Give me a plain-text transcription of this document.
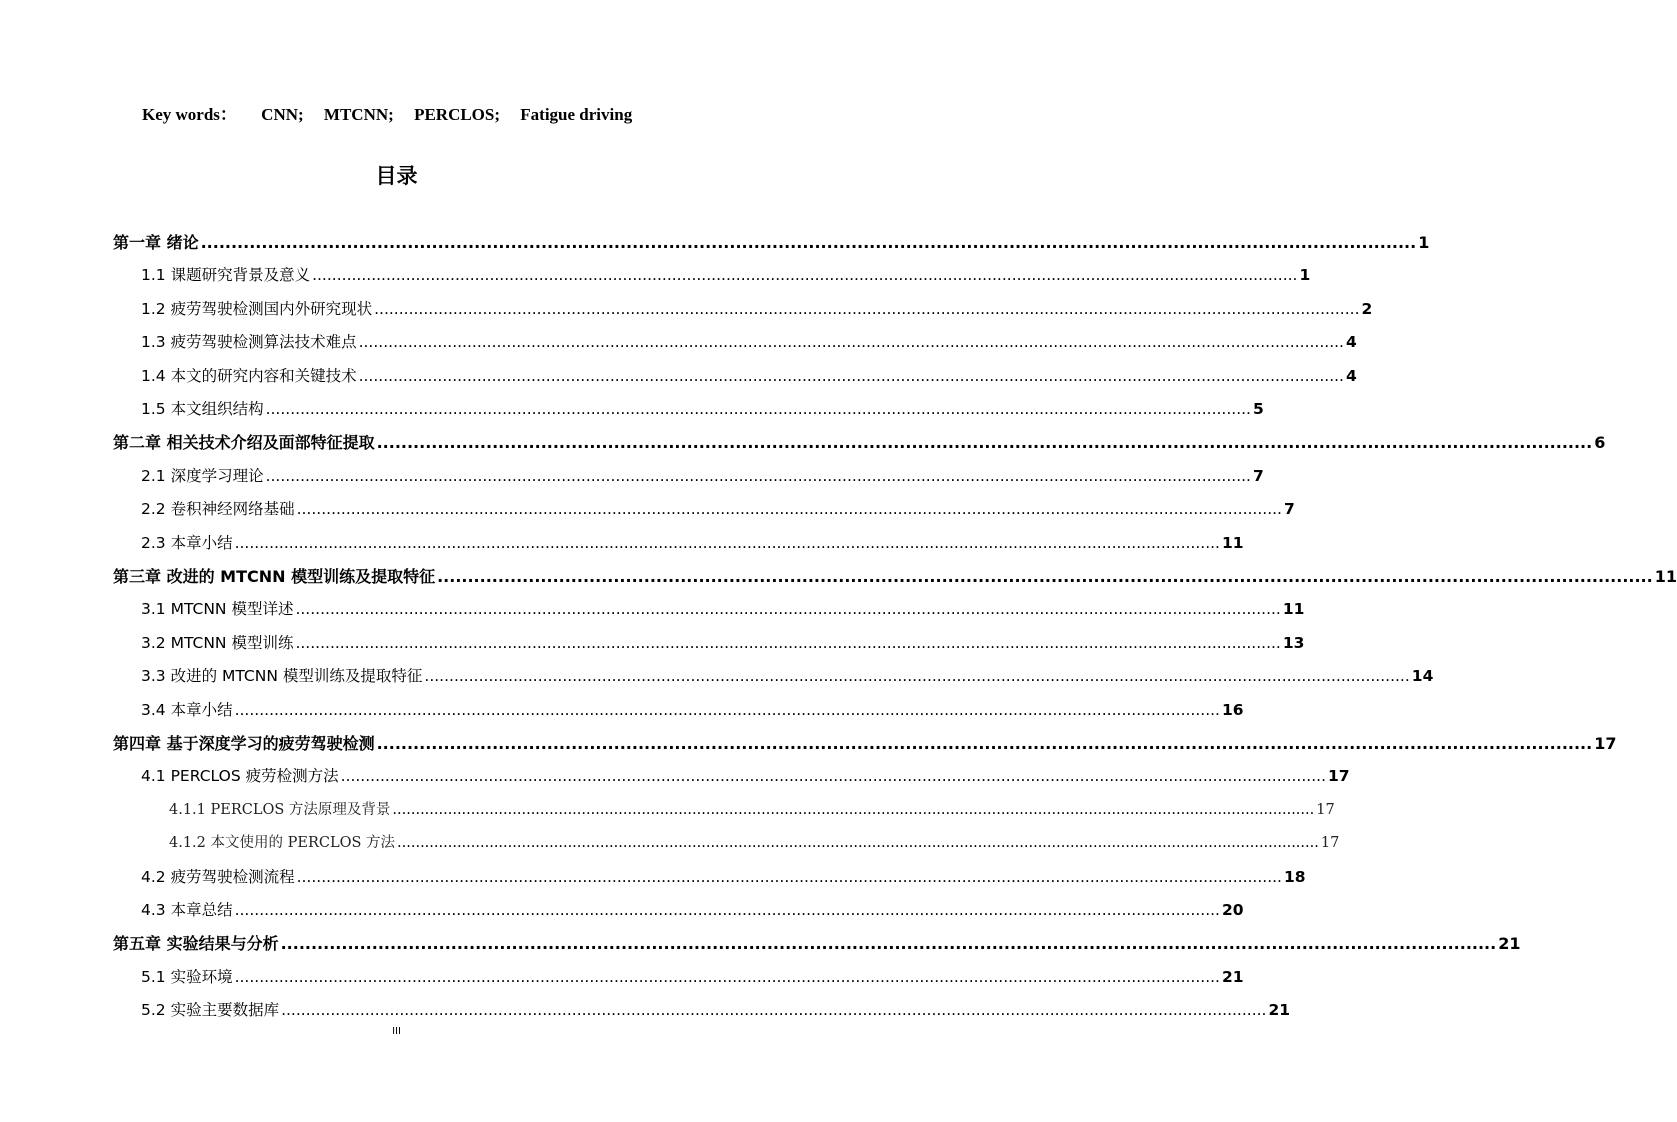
Key words： CNN; MTCNN; PERCLOS; Fatigue driving
目录
第一章 绪论 ........................................................................................................................................................................................................ 1
1.1 课题研究背景及意义 ........................................................................................................................................................................................................ 1
1.2 疲劳驾驶检测国内外研究现状 ........................................................................................................................................................................................................ 2
1.3 疲劳驾驶检测算法技术难点 ........................................................................................................................................................................................................ 4
1.4 本文的研究内容和关键技术 ........................................................................................................................................................................................................ 4
1.5 本文组织结构 ........................................................................................................................................................................................................ 5
第二章 相关技术介绍及面部特征提取 ........................................................................................................................................................................................................ 6
2.1 深度学习理论 ........................................................................................................................................................................................................ 7
2.2 卷积神经网络基础 ........................................................................................................................................................................................................ 7
2.3 本章小结 ........................................................................................................................................................................................................ 11
第三章 改进的 MTCNN 模型训练及提取特征 ........................................................................................................................................................................................................ 11
3.1 MTCNN 模型详述 ........................................................................................................................................................................................................ 11
3.2 MTCNN 模型训练 ........................................................................................................................................................................................................ 13
3.3 改进的 MTCNN 模型训练及提取特征 ........................................................................................................................................................................................................ 14
3.4 本章小结 ........................................................................................................................................................................................................ 16
第四章 基于深度学习的疲劳驾驶检测 ........................................................................................................................................................................................................ 17
4.1 PERCLOS 疲劳检测方法 ........................................................................................................................................................................................................ 17
4.1.1 PERCLOS 方法原理及背景 ........................................................................................................................................................................................................ 17
4.1.2 本文使用的 PERCLOS 方法 ........................................................................................................................................................................................................ 17
4.2 疲劳驾驶检测流程 ........................................................................................................................................................................................................ 18
4.3 本章总结 ........................................................................................................................................................................................................ 20
第五章 实验结果与分析 ........................................................................................................................................................................................................ 21
5.1 实验环境 ........................................................................................................................................................................................................ 21
5.2 实验主要数据库 ........................................................................................................................................................................................................ 21
III
